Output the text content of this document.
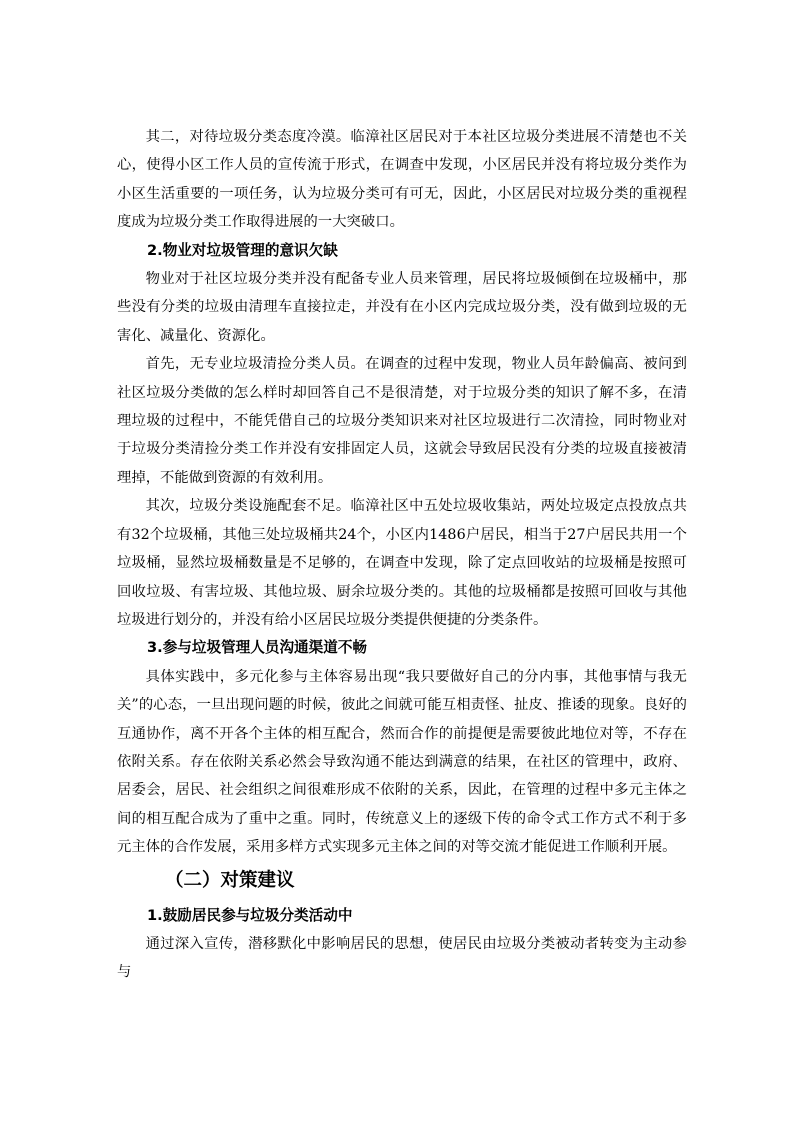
其二，对待垃圾分类态度冷漠。临漳社区居民对于本社区垃圾分类进展不清楚也不关心，使得小区工作人员的宣传流于形式，在调查中发现，小区居民并没有将垃圾分类作为小区生活重要的一项任务，认为垃圾分类可有可无，因此，小区居民对垃圾分类的重视程度成为垃圾分类工作取得进展的一大突破口。

2.物业对垃圾管理的意识欠缺

物业对于社区垃圾分类并没有配备专业人员来管理，居民将垃圾倾倒在垃圾桶中，那些没有分类的垃圾由清理车直接拉走，并没有在小区内完成垃圾分类，没有做到垃圾的无害化、减量化、资源化。

首先，无专业垃圾清捡分类人员。在调查的过程中发现，物业人员年龄偏高、被问到社区垃圾分类做的怎么样时却回答自己不是很清楚，对于垃圾分类的知识了解不多，在清理垃圾的过程中，不能凭借自己的垃圾分类知识来对社区垃圾进行二次清捡，同时物业对于垃圾分类清捡分类工作并没有安排固定人员，这就会导致居民没有分类的垃圾直接被清理掉，不能做到资源的有效利用。

其次，垃圾分类设施配套不足。临漳社区中五处垃圾收集站，两处垃圾定点投放点共有32个垃圾桶，其他三处垃圾桶共24个，小区内1486户居民，相当于27户居民共用一个垃圾桶，显然垃圾桶数量是不足够的，在调查中发现，除了定点回收站的垃圾桶是按照可回收垃圾、有害垃圾、其他垃圾、厨余垃圾分类的。其他的垃圾桶都是按照可回收与其他垃圾进行划分的，并没有给小区居民垃圾分类提供便捷的分类条件。

3.参与垃圾管理人员沟通渠道不畅

具体实践中，多元化参与主体容易出现“我只要做好自己的分内事，其他事情与我无关”的心态，一旦出现问题的时候，彼此之间就可能互相责怪、扯皮、推诿的现象。良好的互通协作，离不开各个主体的相互配合，然而合作的前提便是需要彼此地位对等，不存在依附关系。存在依附关系必然会导致沟通不能达到满意的结果，在社区的管理中，政府、居委会，居民、社会组织之间很难形成不依附的关系，因此，在管理的过程中多元主体之间的相互配合成为了重中之重。同时，传统意义上的逐级下传的命令式工作方式不利于多元主体的合作发展，采用多样方式实现多元主体之间的对等交流才能促进工作顺利开展。

（二）对策建议
1.鼓励居民参与垃圾分类活动中

通过深入宣传，潜移默化中影响居民的思想，使居民由垃圾分类被动者转变为主动参与
